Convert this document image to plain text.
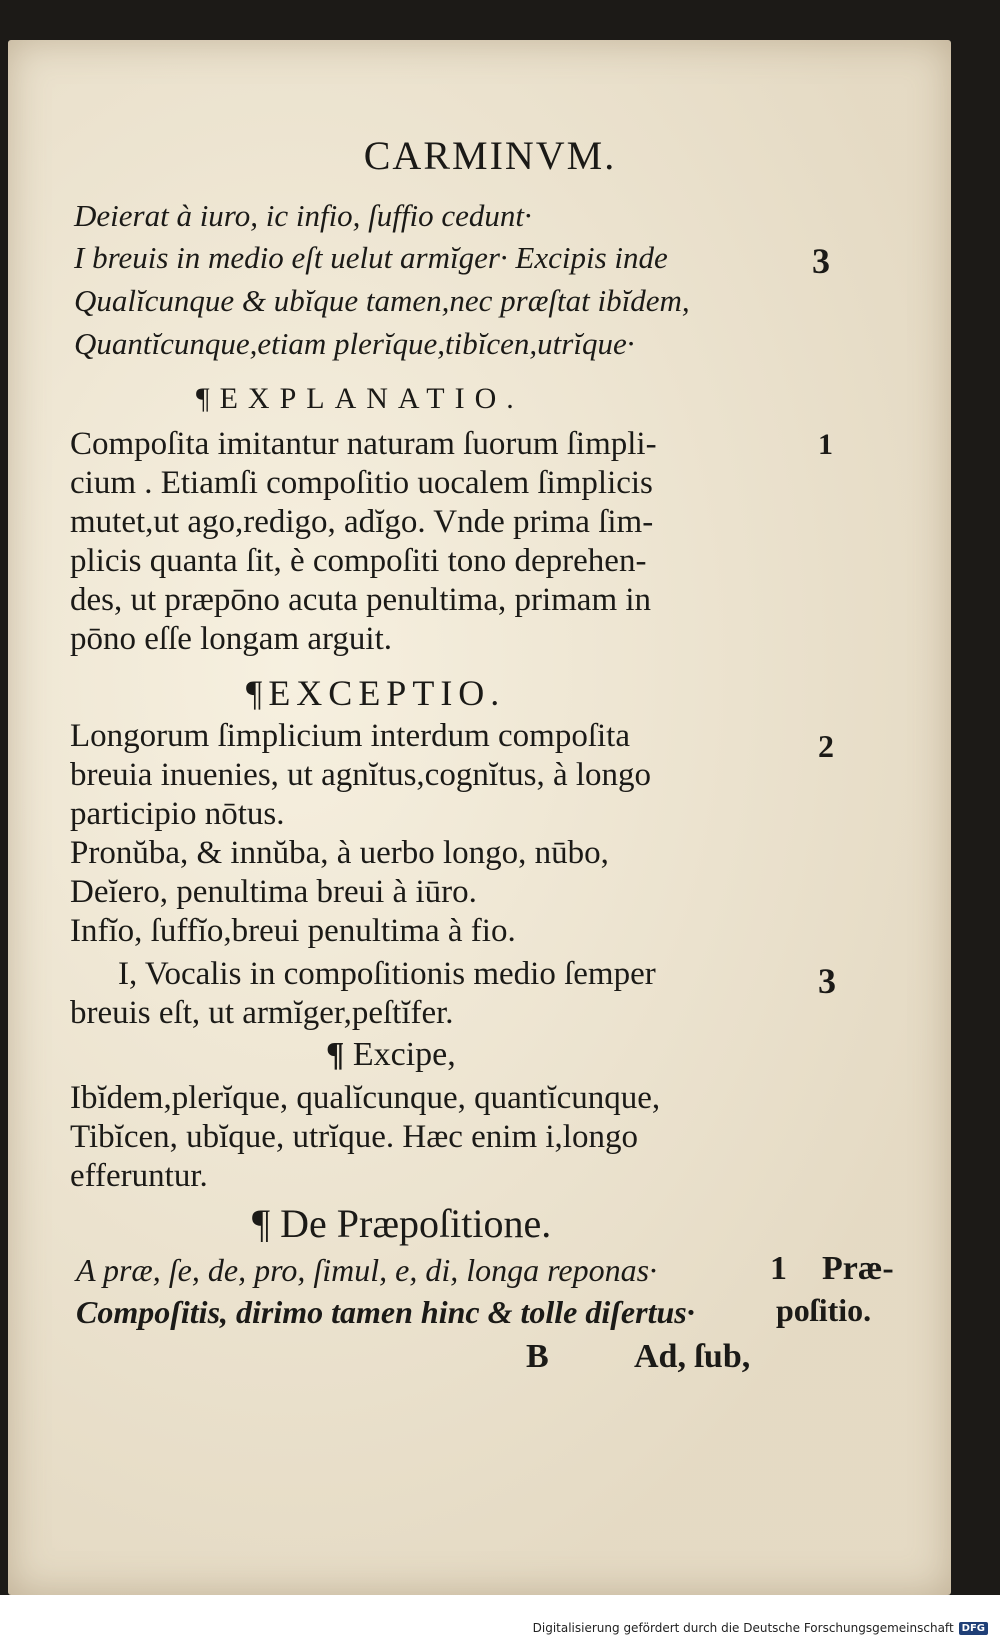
CARMINVM.
Deierat à iuro, ic infio, ſuffio cedunt·
I breuis in medio eſt uelut armĭger· Excipis inde
Qualĭcunque & ubĭque tamen,nec præſtat ibĭdem,
Quantĭcunque,etiam plerĭque,tibĭcen,utrĭque·
3
¶EXPLANATIO.
Compoſita imitantur naturam ſuorum ſimpli-
cium . Etiamſi compoſitio uocalem ſimplicis
mutet,ut ago,redigo, adĭgo. Vnde prima ſim-
plicis quanta ſit, è compoſiti tono deprehen-
des, ut præpōno acuta penultima, primam in
pōno eſſe longam arguit.
1
¶EXCEPTIO.
Longorum ſimplicium interdum compoſita
breuia inuenies, ut agnĭtus,cognĭtus, à longo
participio nōtus.
Pronŭba, & innŭba, à uerbo longo, nūbo,
Deĭero, penultima breui à iūro.
Infĭo, ſuffĭo,breui penultima à fio.
2
I, Vocalis in compoſitionis medio ſemper
breuis eſt, ut armĭger,peſtĭfer.
3
¶ Excipe,
Ibĭdem,plerĭque, qualĭcunque, quantĭcunque,
Tibĭcen, ubĭque, utrĭque. Hæc enim i,longo
efferuntur.
¶ De Præpoſitione.
A præ, ſe, de, pro, ſimul, e, di, longa reponas·
Compoſitis, dirimo tamen hinc & tolle diſertus·
1 Præ-
poſitio.
B	Ad, ſub,
Digitalisierung gefördert durch die Deutsche Forschungsgemeinschaft DFG
